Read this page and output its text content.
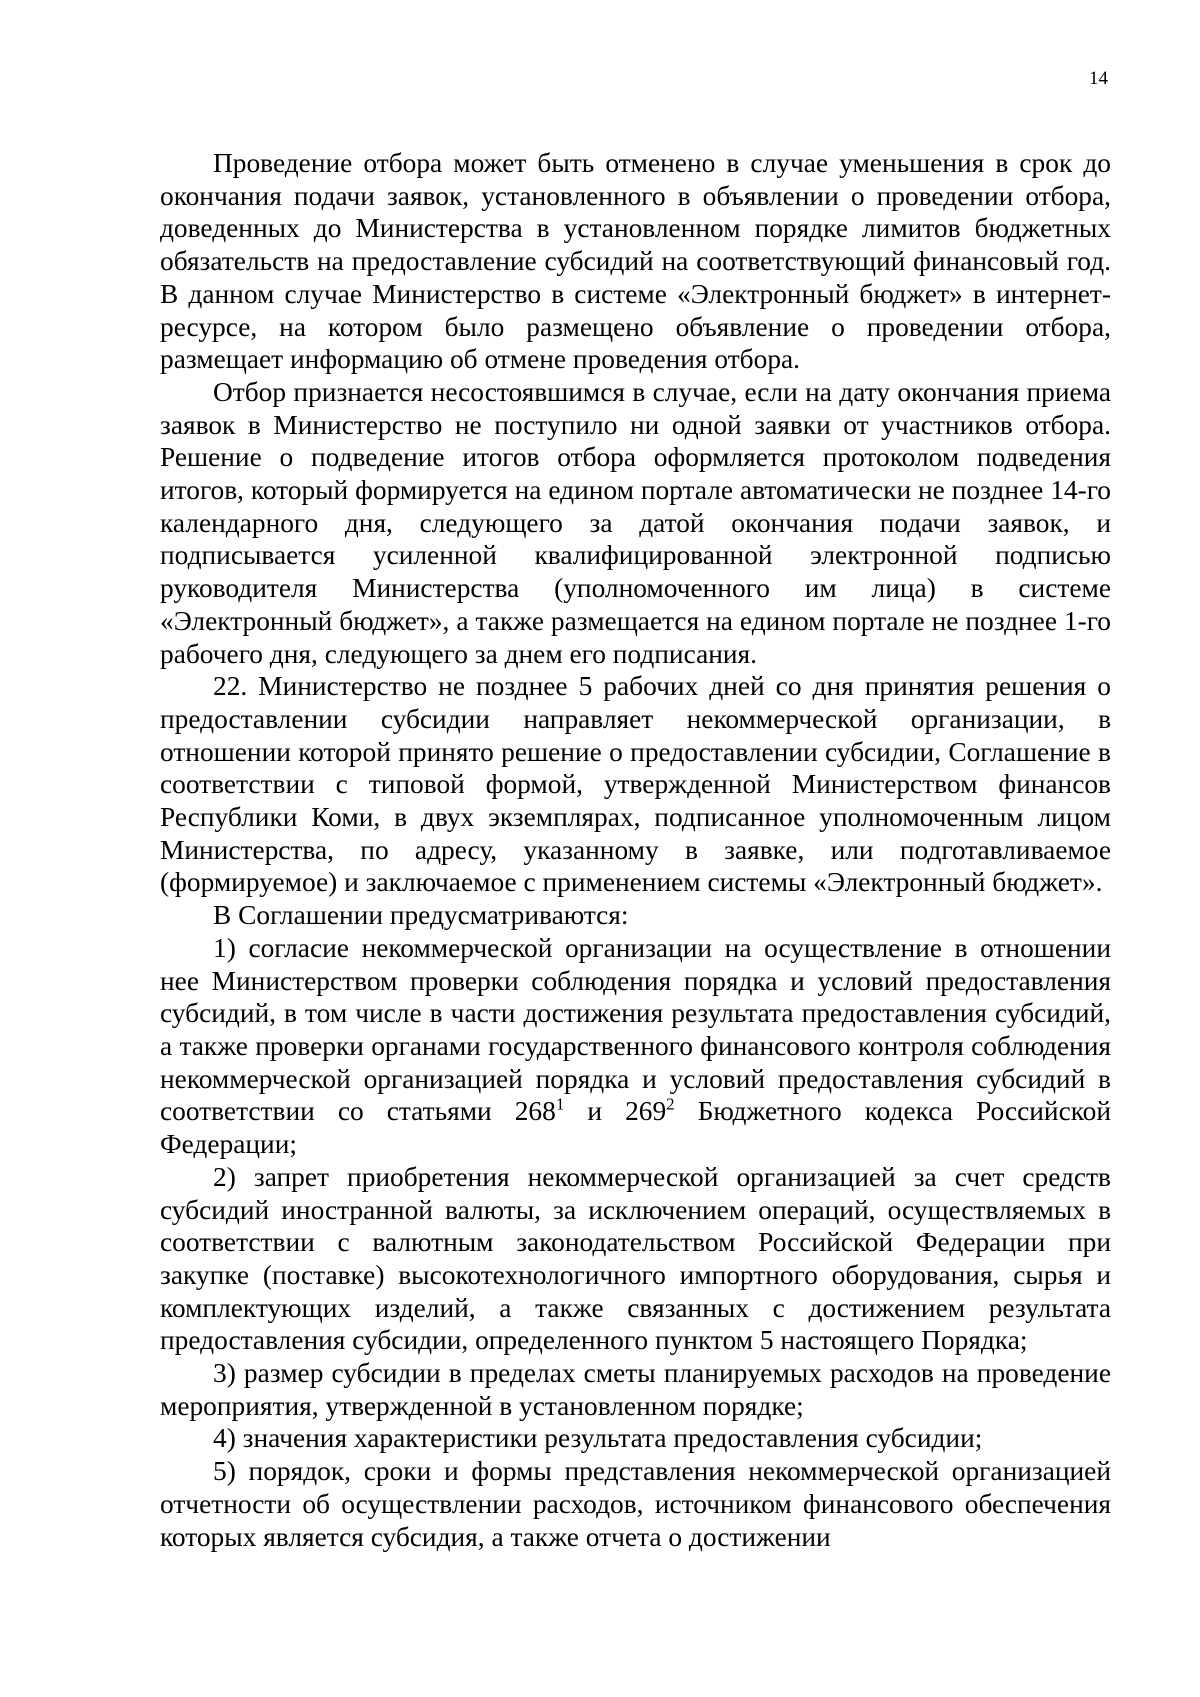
14

Проведение отбора может быть отменено в случае уменьшения в срок до окончания подачи заявок, установленного в объявлении о проведении отбора, доведенных до Министерства в установленном порядке лимитов бюджетных обязательств на предоставление субсидий на соответствующий финансовый год. В данном случае Министерство в системе «Электронный бюджет» в интернет-ресурсе, на котором было размещено объявление о проведении отбора, размещает информацию об отмене проведения отбора.

Отбор признается несостоявшимся в случае, если на дату окончания приема заявок в Министерство не поступило ни одной заявки от участников отбора. Решение о подведение итогов отбора оформляется протоколом подведения итогов, который формируется на едином портале автоматически не позднее 14-го календарного дня, следующего за датой окончания подачи заявок, и подписывается усиленной квалифицированной электронной подписью руководителя Министерства (уполномоченного им лица) в системе «Электронный бюджет», а также размещается на едином портале не позднее 1-го рабочего дня, следующего за днем его подписания.

22. Министерство не позднее 5 рабочих дней со дня принятия решения о предоставлении субсидии направляет некоммерческой организации, в отношении которой принято решение о предоставлении субсидии, Соглашение в соответствии с типовой формой, утвержденной Министерством финансов Республики Коми, в двух экземплярах, подписанное уполномоченным лицом Министерства, по адресу, указанному в заявке, или подготавливаемое (формируемое) и заключаемое с применением системы «Электронный бюджет».

В Соглашении предусматриваются:

1) согласие некоммерческой организации на осуществление в отношении нее Министерством проверки соблюдения порядка и условий предоставления субсидий, в том числе в части достижения результата предоставления субсидий, а также проверки органами государственного финансового контроля соблюдения некоммерческой организацией порядка и условий предоставления субсидий в соответствии со статьями $268^1$ и $269^2$ Бюджетного кодекса Российской Федерации;

2) запрет приобретения некоммерческой организацией за счет средств субсидий иностранной валюты, за исключением операций, осуществляемых в соответствии с валютным законодательством Российской Федерации при закупке (поставке) высокотехнологичного импортного оборудования, сырья и комплектующих изделий, а также связанных с достижением результата предоставления субсидии, определенного пунктом 5 настоящего Порядка;

3) размер субсидии в пределах сметы планируемых расходов на проведение мероприятия, утвержденной в установленном порядке;

4) значения характеристики результата предоставления субсидии;

5) порядок, сроки и формы представления некоммерческой организацией отчетности об осуществлении расходов, источником финансового обеспечения которых является субсидия, а также отчета о достижении
